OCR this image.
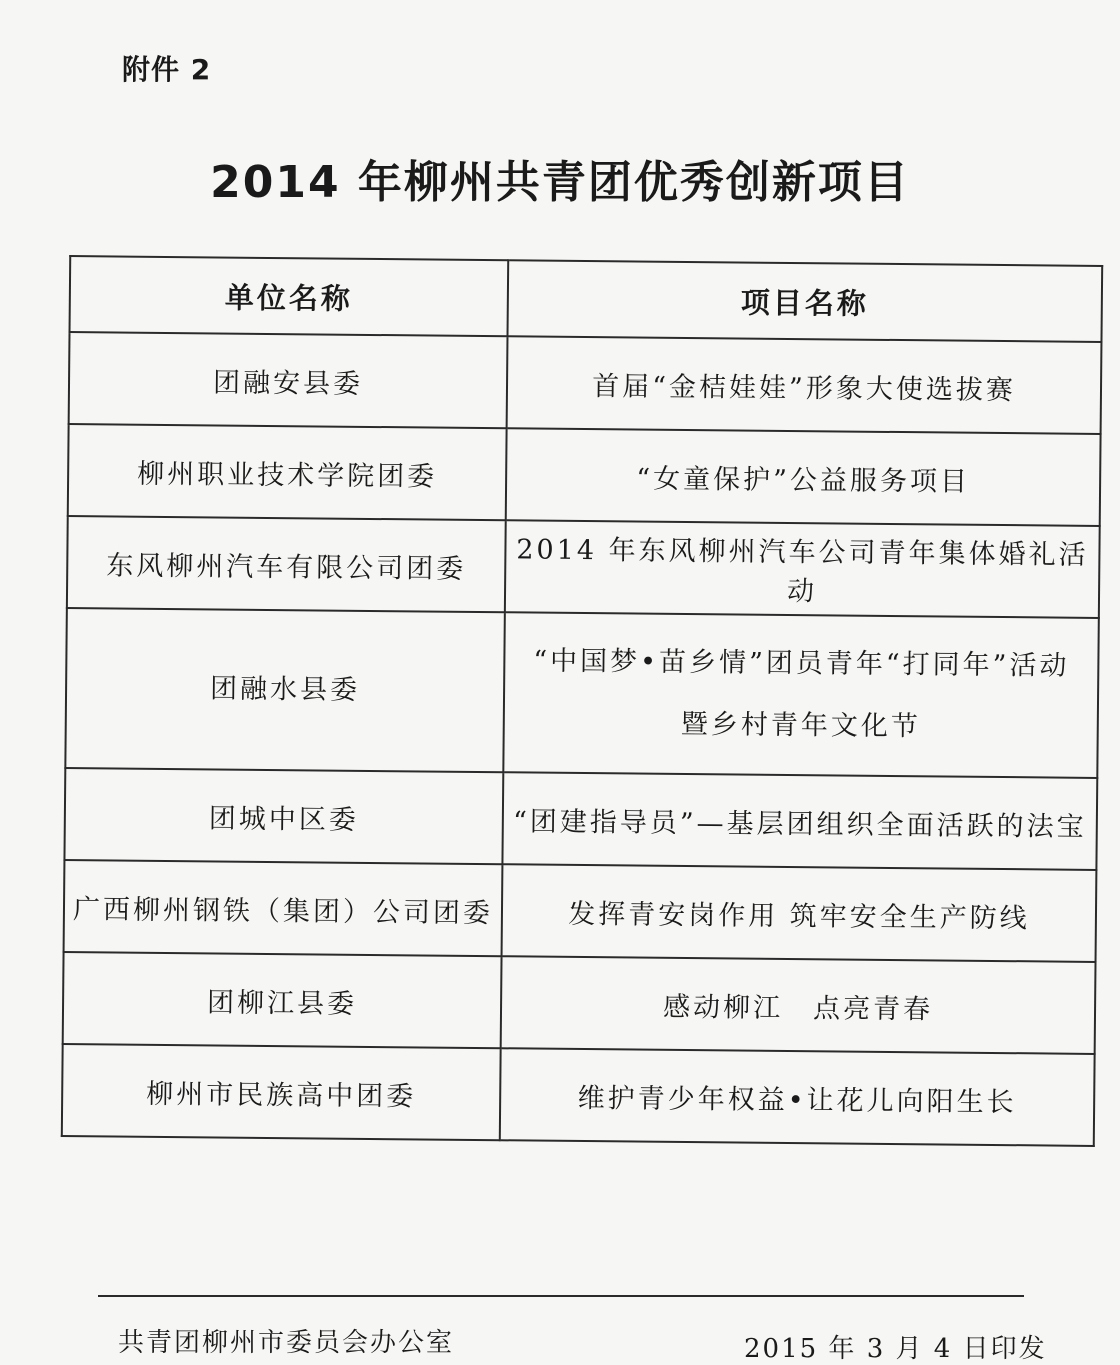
附件 2
2014 年柳州共青团优秀创新项目
单位名称	项目名称
团融安县委	首届“金桔娃娃”形象大使选拔赛
柳州职业技术学院团委	“女童保护”公益服务项目
东风柳州汽车有限公司团委	2014 年东风柳州汽车公司青年集体婚礼活动
团融水县委	“中国梦•苗乡情”团员青年“打同年”活动
暨乡村青年文化节

团城中区委	“团建指导员”—基层团组织全面活跃的法宝
广西柳州钢铁（集团）公司团委	发挥青安岗作用 筑牢安全生产防线
团柳江县委	感动柳江　点亮青春
柳州市民族高中团委	维护青少年权益•让花儿向阳生长
共青团柳州市委员会办公室	2015 年 3 月 4 日印发
